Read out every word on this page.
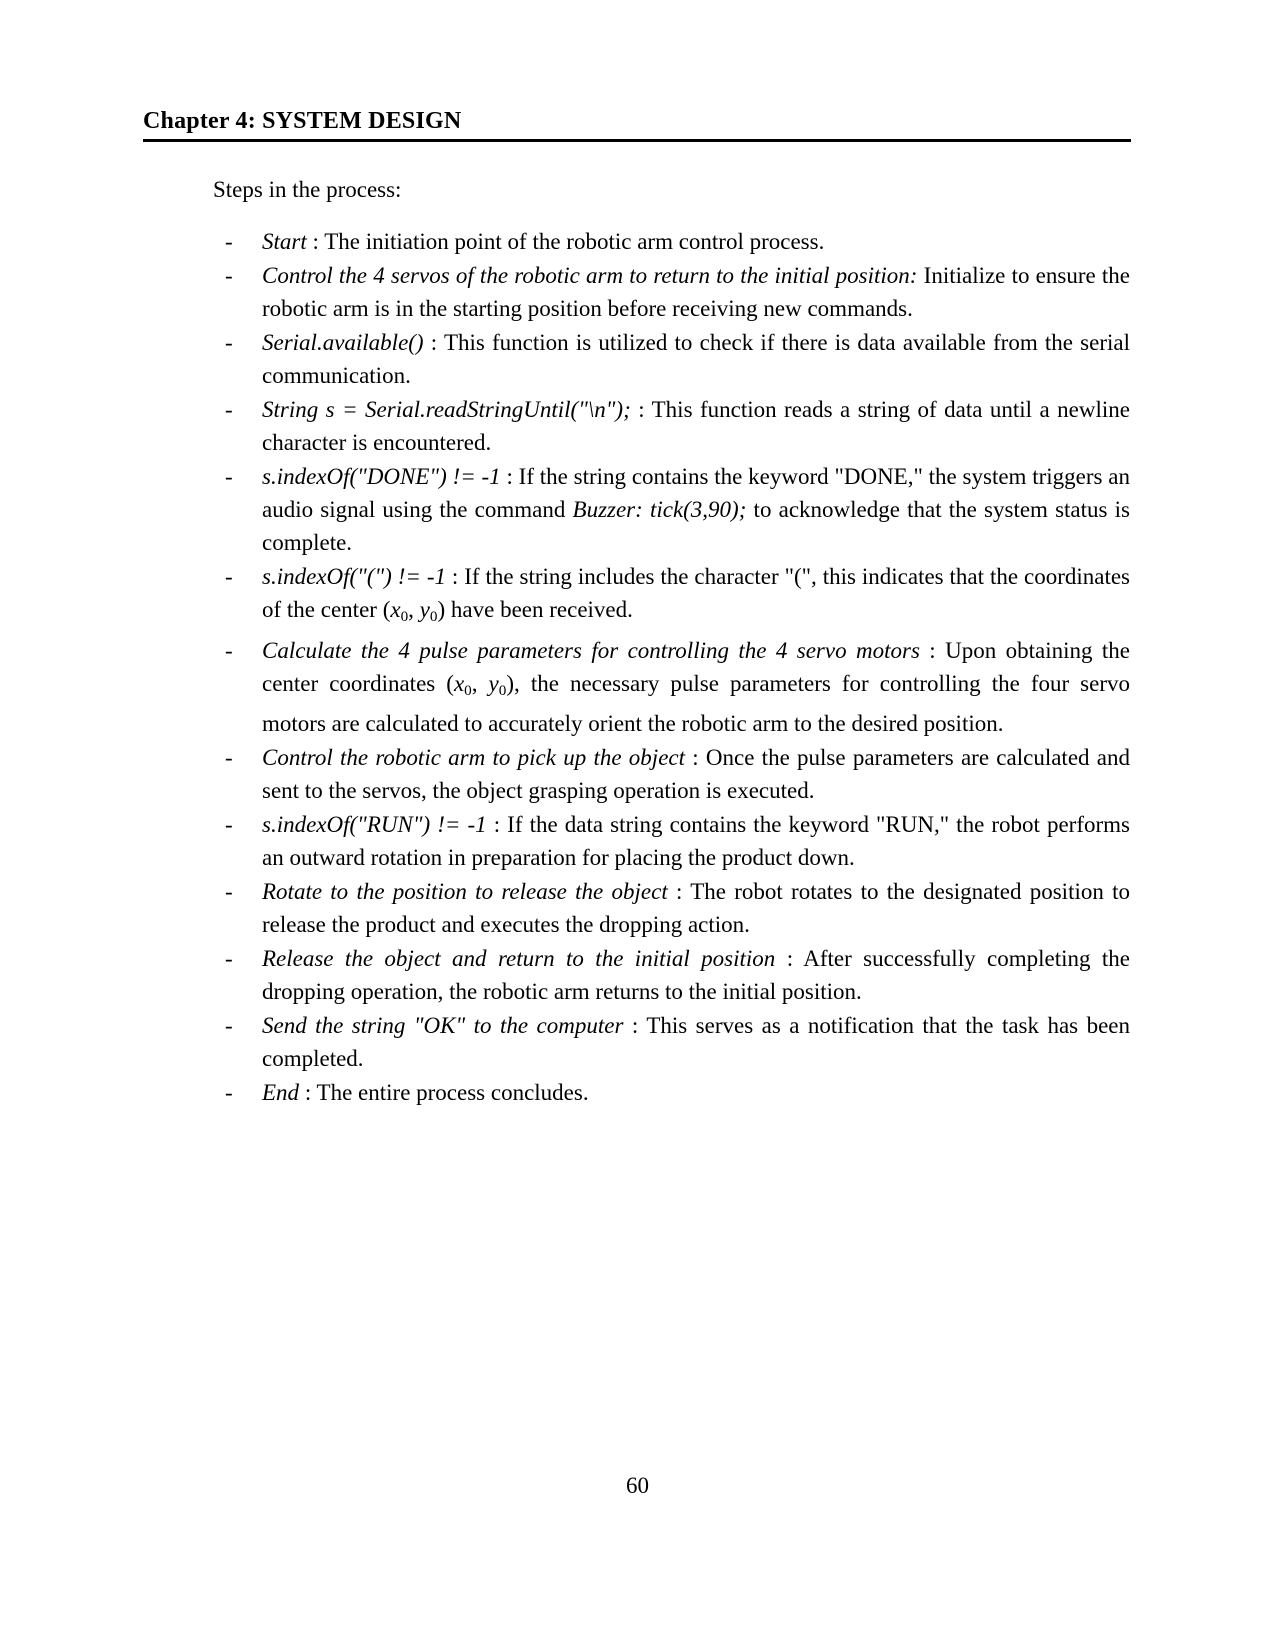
Chapter 4: SYSTEM DESIGN
Steps in the process:
-	Start : The initiation point of the robotic arm control process.
-	Control the 4 servos of the robotic arm to return to the initial position: Initialize to ensure the robotic arm is in the starting position before receiving new commands.
-	Serial.available() : This function is utilized to check if there is data available from the serial communication.
-	String s = Serial.readStringUntil("\n"); : This function reads a string of data until a newline character is encountered.
-	s.indexOf("DONE") != -1 : If the string contains the keyword "DONE," the system triggers an audio signal using the command Buzzer: tick(3,90); to acknowledge that the system status is complete.
-	s.indexOf("(") != -1 : If the string includes the character "(", this indicates that the coordinates of the center (x0, y0) have been received.
-	Calculate the 4 pulse parameters for controlling the 4 servo motors : Upon obtaining the center coordinates (x0, y0), the necessary pulse parameters for controlling the four servo motors are calculated to accurately orient the robotic arm to the desired position.
-	Control the robotic arm to pick up the object : Once the pulse parameters are calculated and sent to the servos, the object grasping operation is executed.
-	s.indexOf("RUN") != -1 : If the data string contains the keyword "RUN," the robot performs an outward rotation in preparation for placing the product down.
-	Rotate to the position to release the object : The robot rotates to the designated position to release the product and executes the dropping action.
-	Release the object and return to the initial position : After successfully completing the dropping operation, the robotic arm returns to the initial position.
-	Send the string "OK" to the computer : This serves as a notification that the task has been completed.
-	End : The entire process concludes.
60
